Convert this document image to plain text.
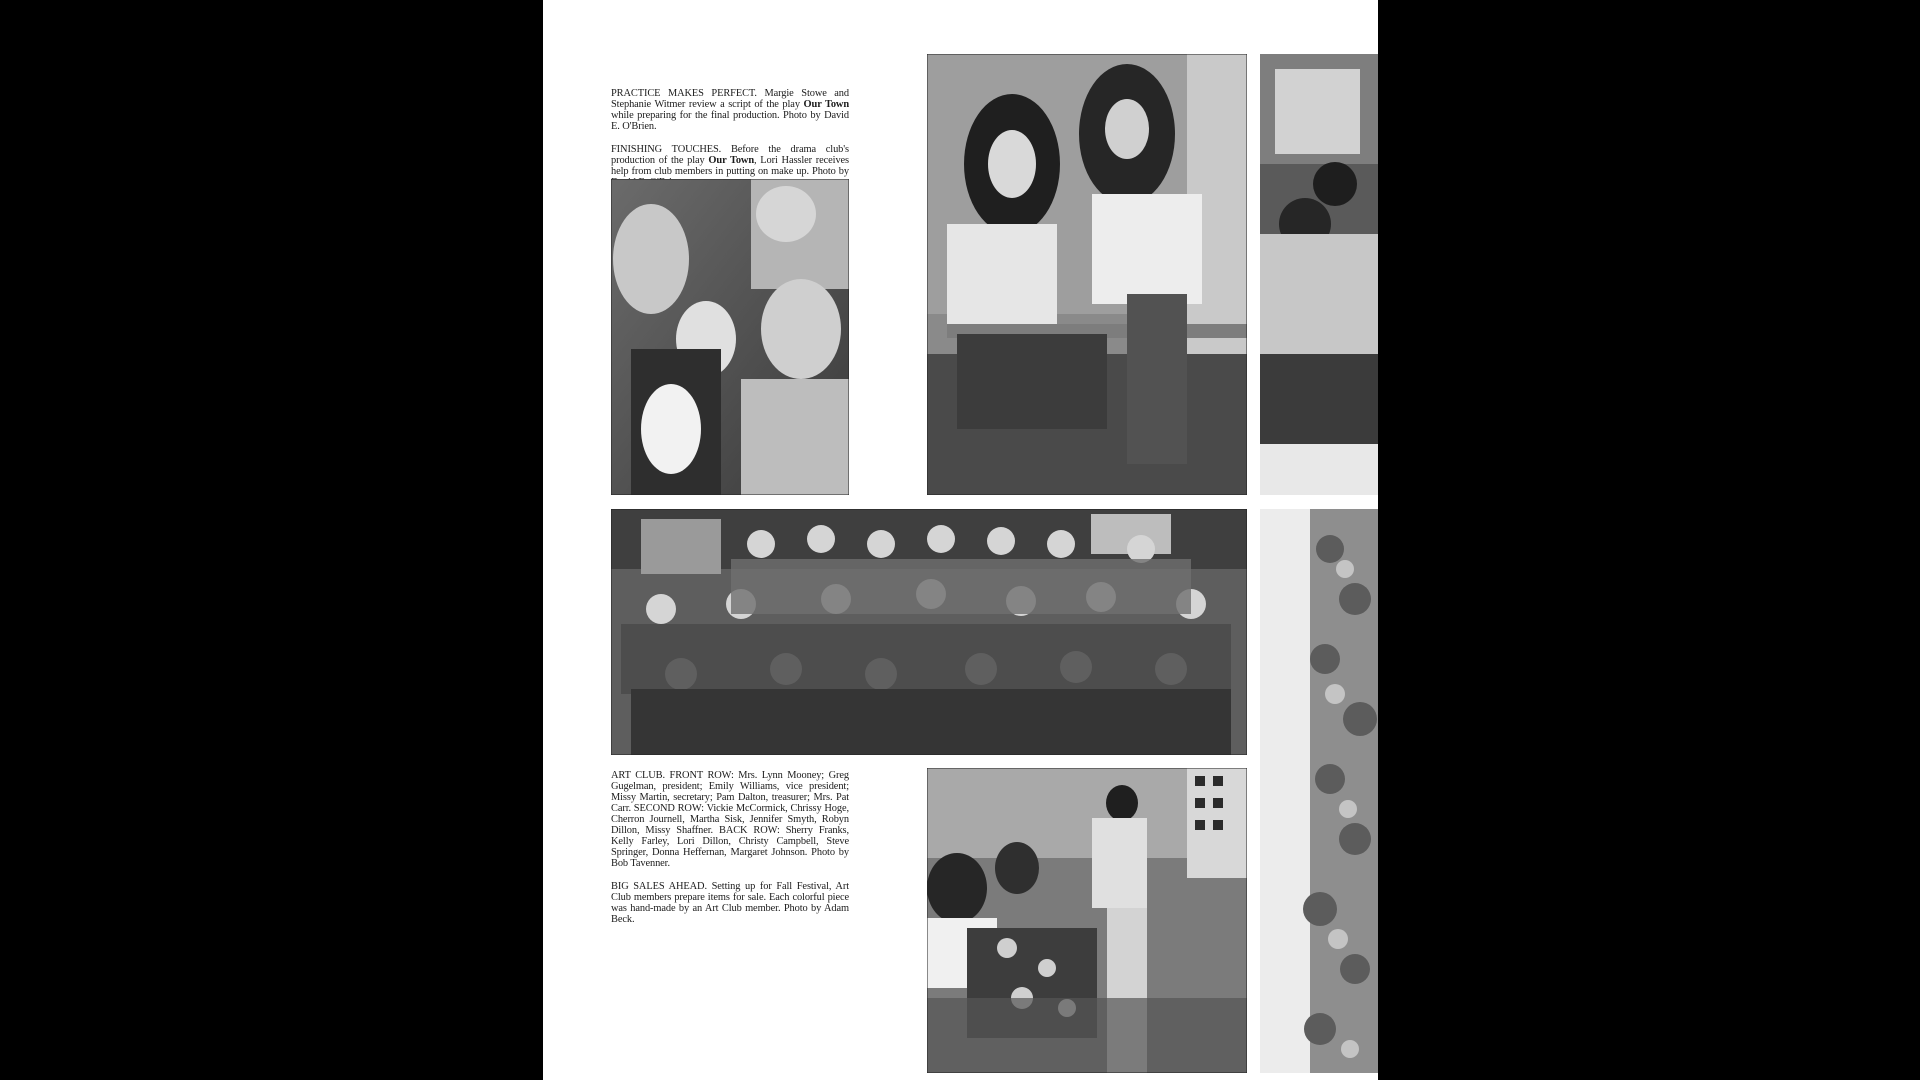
PRACTICE MAKES PERFECT. Margie Stowe and Stephanie Witmer review a script of the play Our Town while preparing for the final production. Photo by David E. O'Brien.

FINISHING TOUCHES. Before the drama club's production of the play Our Town, Lori Hassler receives help from club members in putting on make up. Photo by

ART CLUB. FRONT ROW: Mrs. Lynn Mooney; Greg Gugelman, president; Emily Williams, vice president; Missy Martin, secretary; Pam Dalton, treasurer; Mrs. Pat Carr. SECOND ROW: Vickie McCormick, Chrissy Hoge, Cherron Journell, Martha Sisk, Jennifer Smyth, Robyn Dillon, Missy Shaffner. BACK ROW: Sherry Franks, Kelly Farley, Lori Dillon, Christy Campbell, Steve Springer, Donna Heffernan, Margaret Johnson. Photo by Bob Tavenner.

BIG SALES AHEAD. Setting up for Fall Festival, Art Club members prepare items for sale. Each colorful piece was hand-made by an Art Club member. Photo by Adam Beck.
